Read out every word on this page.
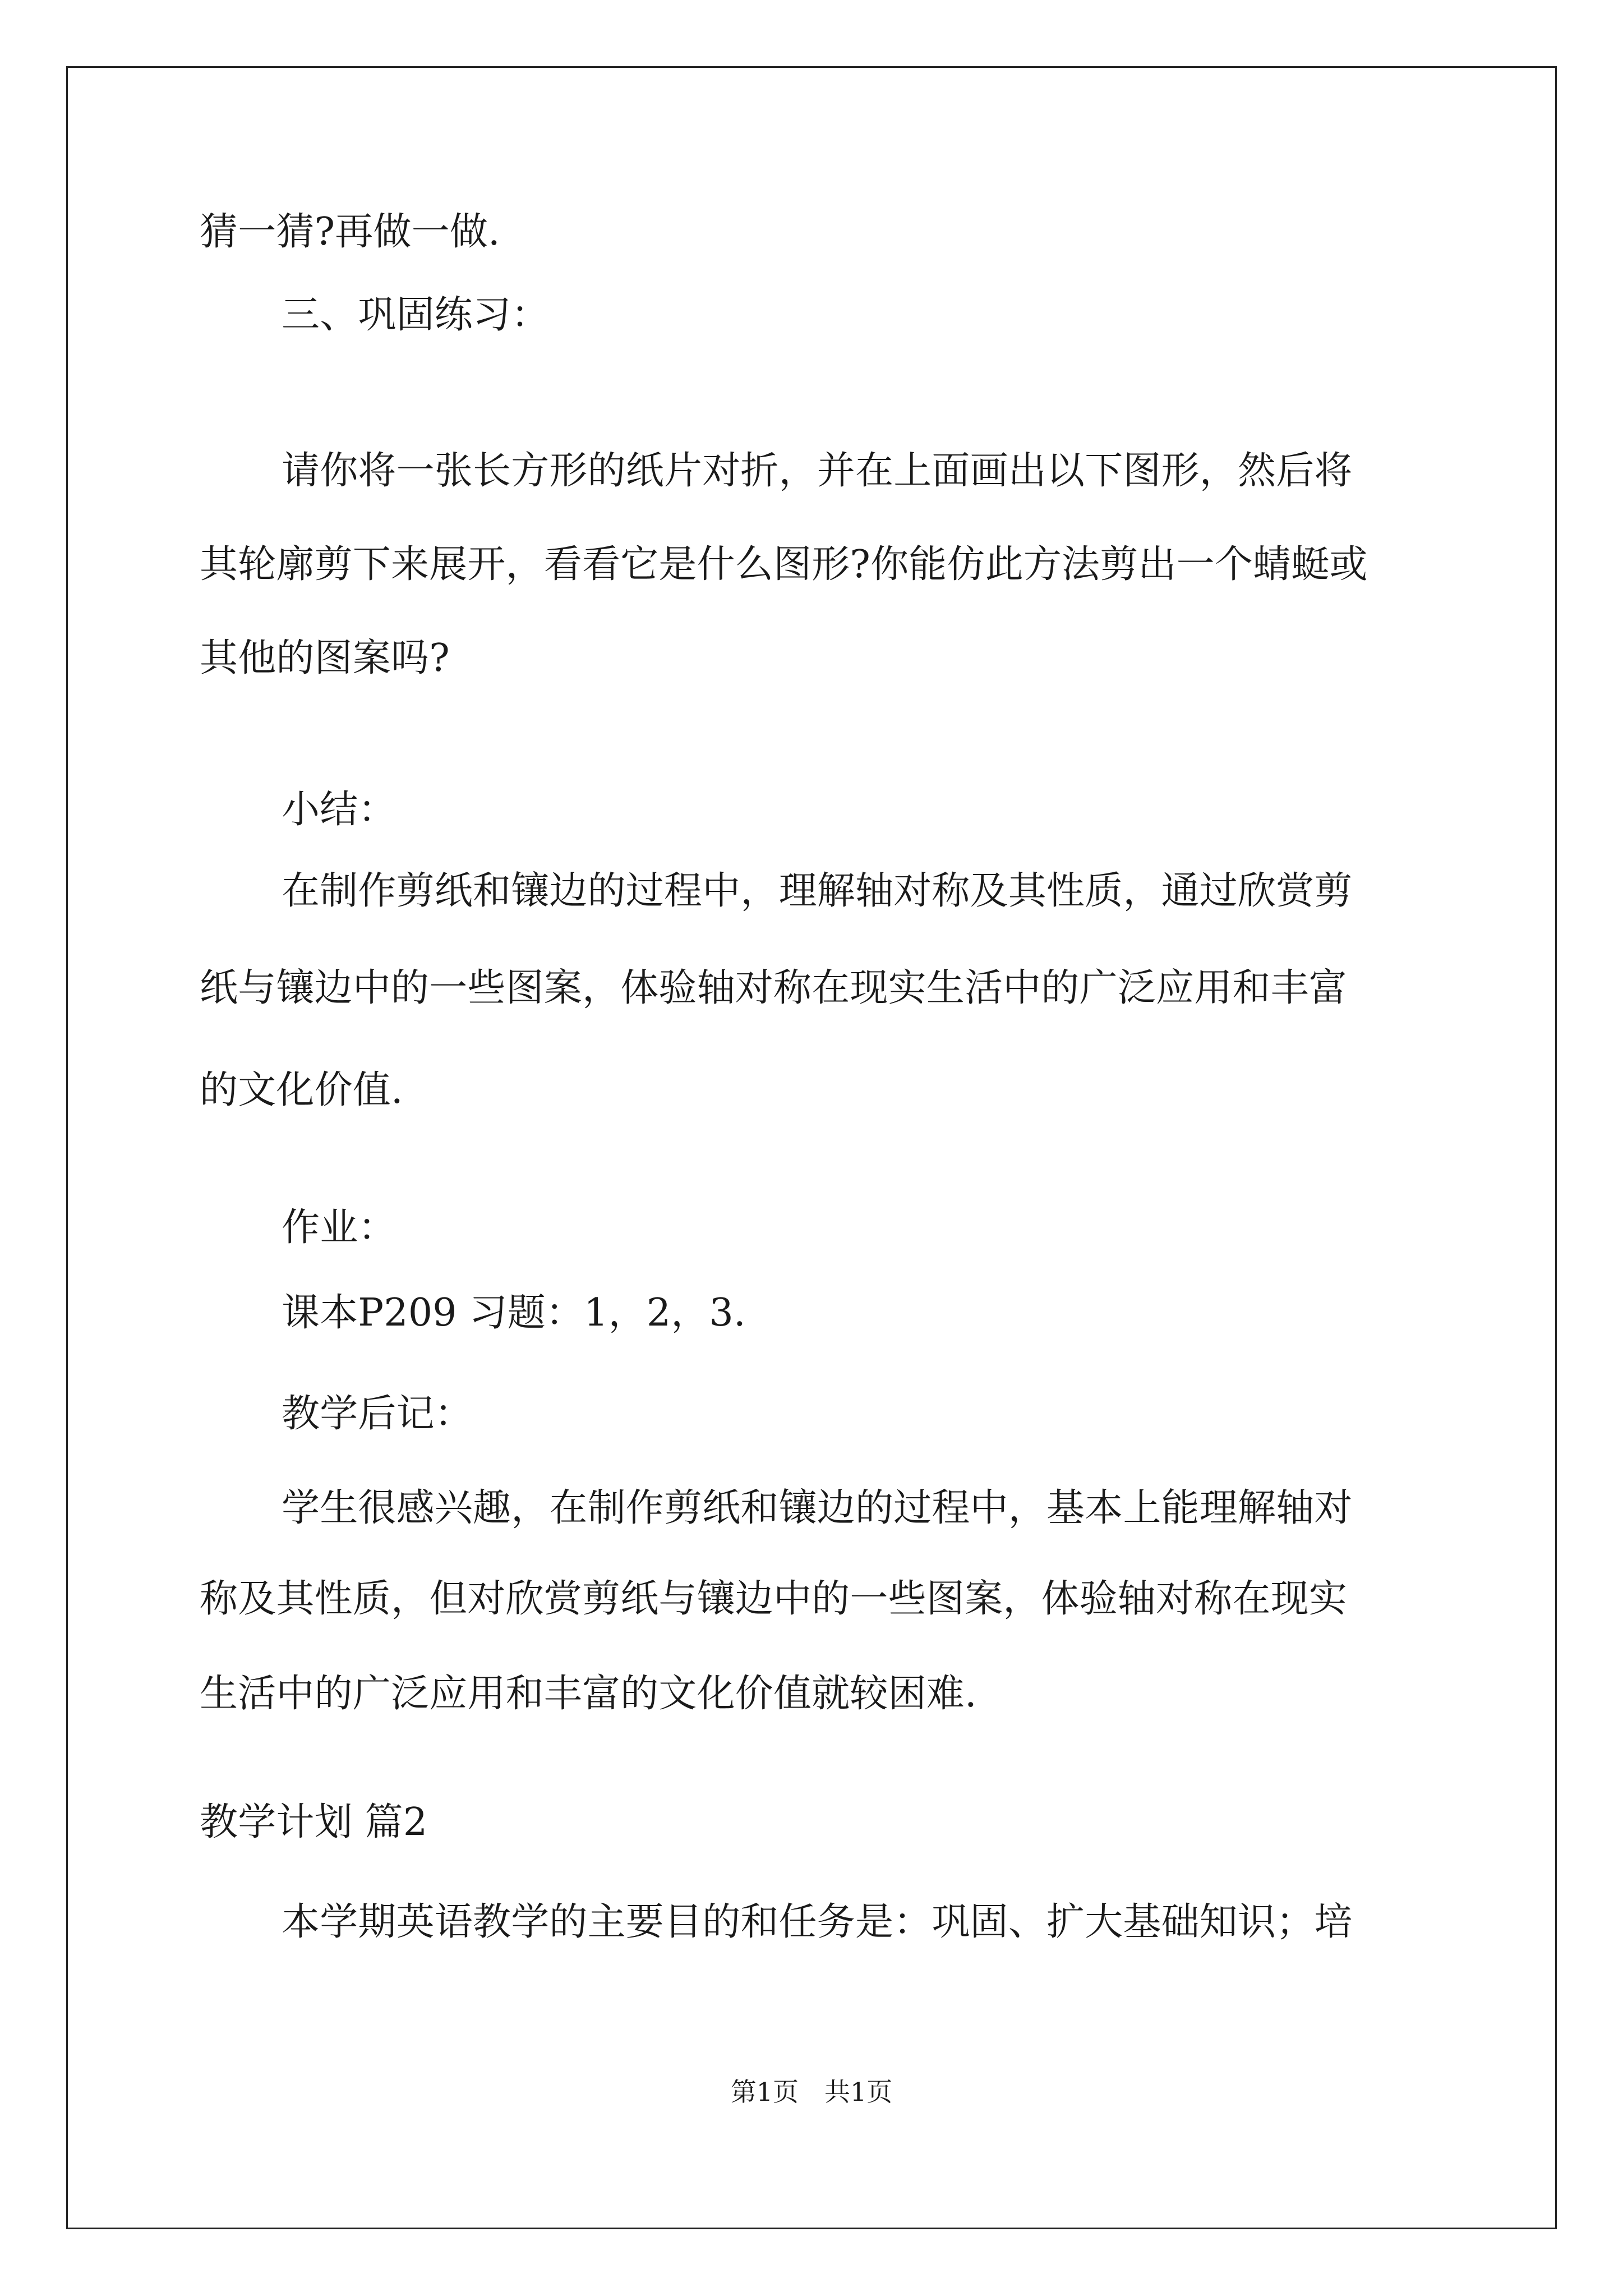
猜一猜?再做一做.
三、巩固练习：
请你将一张长方形的纸片对折，并在上面画出以下图形，然后将
其轮廓剪下来展开，看看它是什么图形?你能仿此方法剪出一个蜻蜓或
其他的图案吗?
小结：
在制作剪纸和镶边的过程中，理解轴对称及其性质，通过欣赏剪
纸与镶边中的一些图案，体验轴对称在现实生活中的广泛应用和丰富
的文化价值.
作业：
课本P209 习题：1，2，3.
教学后记：
学生很感兴趣，在制作剪纸和镶边的过程中，基本上能理解轴对
称及其性质，但对欣赏剪纸与镶边中的一些图案，体验轴对称在现实
生活中的广泛应用和丰富的文化价值就较困难.
教学计划 篇2
本学期英语教学的主要目的和任务是：巩固、扩大基础知识；培
第1页　共1页
